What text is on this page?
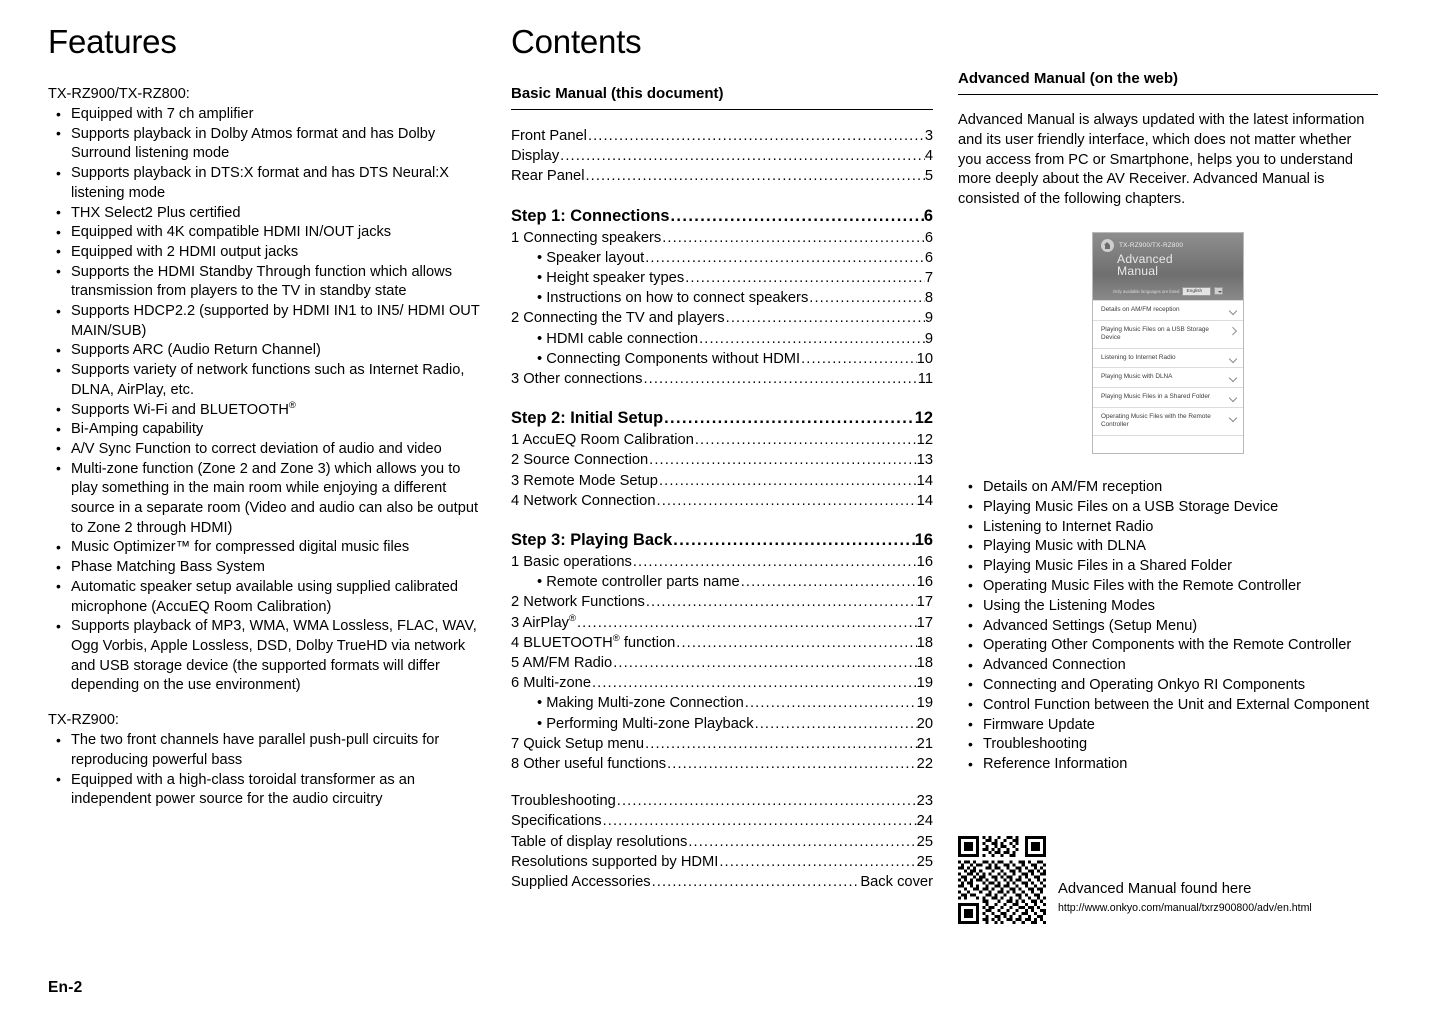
Features
TX-RZ900/TX-RZ800:
• Equipped with 7 ch amplifier
• Supports playback in Dolby Atmos format and has Dolby Surround listening mode
• Supports playback in DTS:X format and has DTS Neural:X listening mode
• THX Select2 Plus certified
• Equipped with 4K compatible HDMI IN/OUT jacks
• Equipped with 2 HDMI output jacks
• Supports the HDMI Standby Through function which allows transmission from players to the TV in standby state
• Supports HDCP2.2 (supported by HDMI IN1 to IN5/ HDMI OUT MAIN/SUB)
• Supports ARC (Audio Return Channel)
• Supports variety of network functions such as Internet Radio, DLNA, AirPlay, etc.
• Supports Wi-Fi and BLUETOOTH®
• Bi-Amping capability
• A/V Sync Function to correct deviation of audio and video
• Multi-zone function (Zone 2 and Zone 3) which allows you to play something in the main room while enjoying a different source in a separate room (Video and audio can also be output to Zone 2 through HDMI)
• Music Optimizer™ for compressed digital music files
• Phase Matching Bass System
• Automatic speaker setup available using supplied calibrated microphone (AccuEQ Room Calibration)
• Supports playback of MP3, WMA, WMA Lossless, FLAC, WAV, Ogg Vorbis, Apple Lossless, DSD, Dolby TrueHD via network and USB storage device (the supported formats will differ depending on the use environment)
TX-RZ900:
• The two front channels have parallel push-pull circuits for reproducing powerful bass
• Equipped with a high-class toroidal transformer as an independent power source for the audio circuitry
Contents
Basic Manual (this document)
Front Panel .....	3
Display .....	4
Rear Panel .....	5
Step 1: Connections .....	6
1 Connecting speakers .....	6
• Speaker layout .....	6
• Height speaker types .....	7
• Instructions on how to connect speakers .....	8
2 Connecting the TV and players .....	9
• HDMI cable connection .....	9
• Connecting Components without HDMI .....	10
3 Other connections .....	11
Step 2: Initial Setup .....	12
1 AccuEQ Room Calibration .....	12
2 Source Connection .....	13
3 Remote Mode Setup .....	14
4 Network Connection .....	14
Step 3: Playing Back .....	16
1 Basic operations .....	16
• Remote controller parts name .....	16
2 Network Functions .....	17
3 AirPlay® .....	17
4 BLUETOOTH® function .....	18
5 AM/FM Radio .....	18
6 Multi-zone .....	19
• Making Multi-zone Connection .....	19
• Performing Multi-zone Playback .....	20
7 Quick Setup menu .....	21
8 Other useful functions .....	22
Troubleshooting .....	23
Specifications .....	24
Table of display resolutions .....	25
Resolutions supported by HDMI .....	25
Supplied Accessories .....	Back cover
Advanced Manual (on the web)

Advanced Manual is always updated with the latest information and its user friendly interface, which does not matter whether you access from PC or Smartphone, helps you to understand more deeply about the AV Receiver. Advanced Manual is consisted of the following chapters.

TX-RZ900/TX-RZ800
Advanced
Manual
Only available languages are listed	English
Details on AM/FM reception
Playing Music Files on a USB Storage Device
Listening to Internet Radio
Playing Music with DLNA
Playing Music Files in a Shared Folder
Operating Music Files with the Remote Controller
• Details on AM/FM reception
• Playing Music Files on a USB Storage Device
• Listening to Internet Radio
• Playing Music with DLNA
• Playing Music Files in a Shared Folder
• Operating Music Files with the Remote Controller
• Using the Listening Modes
• Advanced Settings (Setup Menu)
• Operating Other Components with the Remote Controller
• Advanced Connection
• Connecting and Operating Onkyo RI Components
• Control Function between the Unit and External Component
• Firmware Update
• Troubleshooting
• Reference Information
Advanced Manual found here
http://www.onkyo.com/manual/txrz900800/adv/en.html
En-2
